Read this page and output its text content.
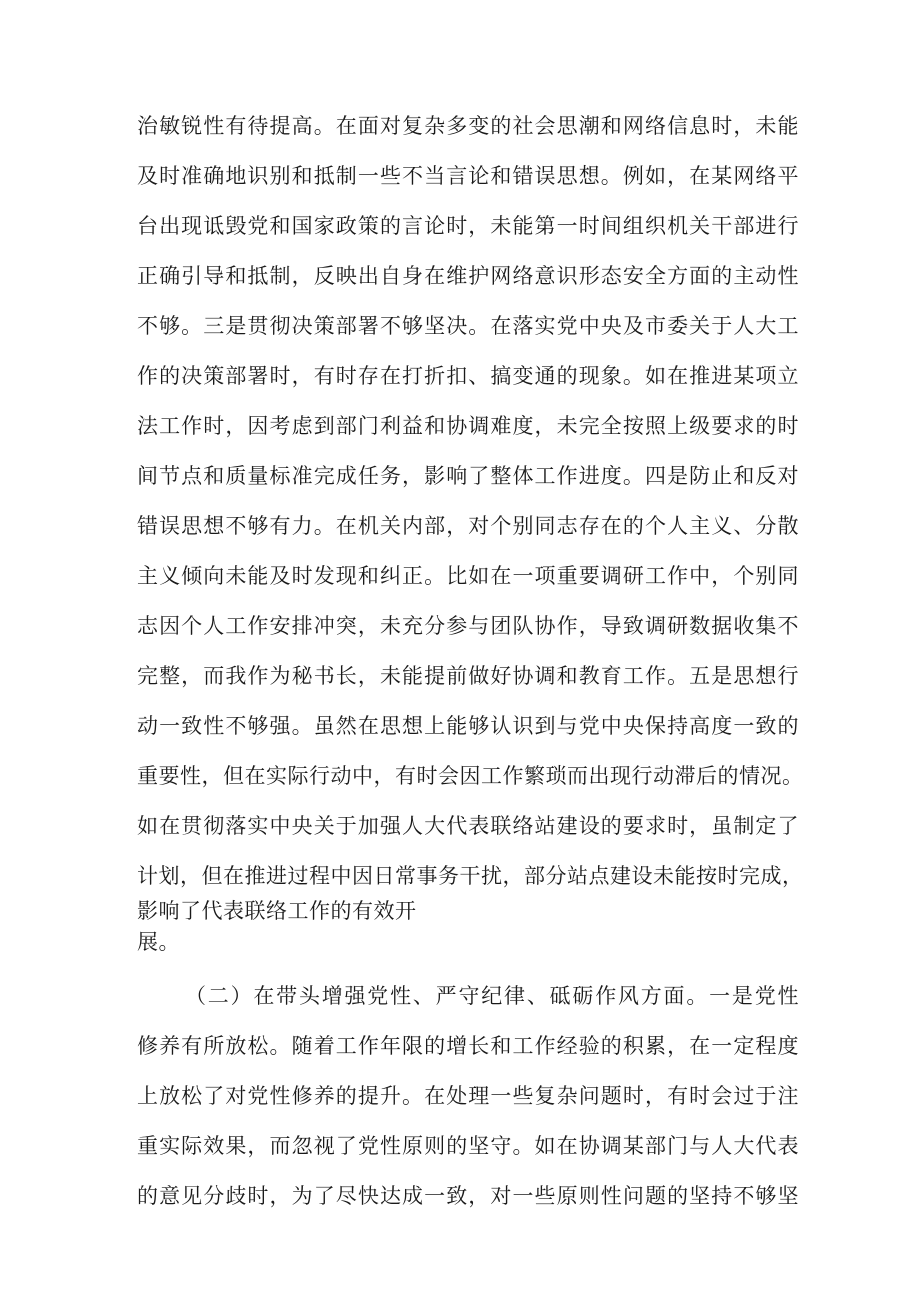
治敏锐性有待提高。在面对复杂多变的社会思潮和网络信息时，未能
及时准确地识别和抵制一些不当言论和错误思想。例如，在某网络平
台出现诋毁党和国家政策的言论时，未能第一时间组织机关干部进行
正确引导和抵制，反映出自身在维护网络意识形态安全方面的主动性
不够。三是贯彻决策部署不够坚决。在落实党中央及市委关于人大工
作的决策部署时，有时存在打折扣、搞变通的现象。如在推进某项立
法工作时，因考虑到部门利益和协调难度，未完全按照上级要求的时
间节点和质量标准完成任务，影响了整体工作进度。四是防止和反对
错误思想不够有力。在机关内部，对个别同志存在的个人主义、分散
主义倾向未能及时发现和纠正。比如在一项重要调研工作中，个别同
志因个人工作安排冲突，未充分参与团队协作，导致调研数据收集不
完整，而我作为秘书长，未能提前做好协调和教育工作。五是思想行
动一致性不够强。虽然在思想上能够认识到与党中央保持高度一致的
重要性，但在实际行动中，有时会因工作繁琐而出现行动滞后的情况。
如在贯彻落实中央关于加强人大代表联络站建设的要求时，虽制定了
计划，但在推进过程中因日常事务干扰，部分站点建设未能按时完成，
影响了代表联络工作的有效开
展。
（二）在带头增强党性、严守纪律、砥砺作风方面。一是党性
修养有所放松。随着工作年限的增长和工作经验的积累，在一定程度
上放松了对党性修养的提升。在处理一些复杂问题时，有时会过于注
重实际效果，而忽视了党性原则的坚守。如在协调某部门与人大代表
的意见分歧时，为了尽快达成一致，对一些原则性问题的坚持不够坚
